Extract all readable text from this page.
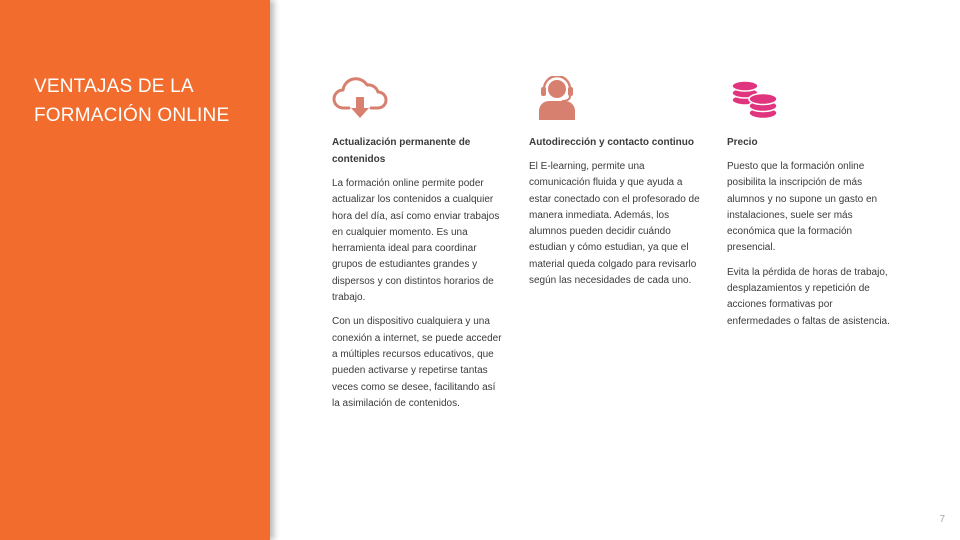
VENTAJAS DE LA FORMACIÓN ONLINE

Actualización permanente de contenidos

La formación online permite poder actualizar los contenidos a cualquier hora del día, así como enviar trabajos en cualquier momento. Es una herramienta ideal para coordinar grupos de estudiantes grandes y dispersos y con distintos horarios de trabajo.

Con un dispositivo cualquiera y una conexión a internet, se puede acceder a múltiples recursos educativos, que pueden activarse y repetirse tantas veces como se desee, facilitando así la asimilación de contenidos.

Autodirección y contacto continuo

El E-learning, permite una comunicación fluida y que ayuda a estar conectado con el profesorado de manera inmediata. Además, los alumnos pueden decidir cuándo estudian y cómo estudian, ya que el material queda colgado para revisarlo según las necesidades de cada uno.

Precio

Puesto que la formación online posibilita la inscripción de más alumnos y no supone un gasto en instalaciones, suele ser más económica que la formación presencial.

Evita la pérdida de horas de trabajo, desplazamientos y repetición de acciones formativas por enfermedades o faltas de asistencia.

7
